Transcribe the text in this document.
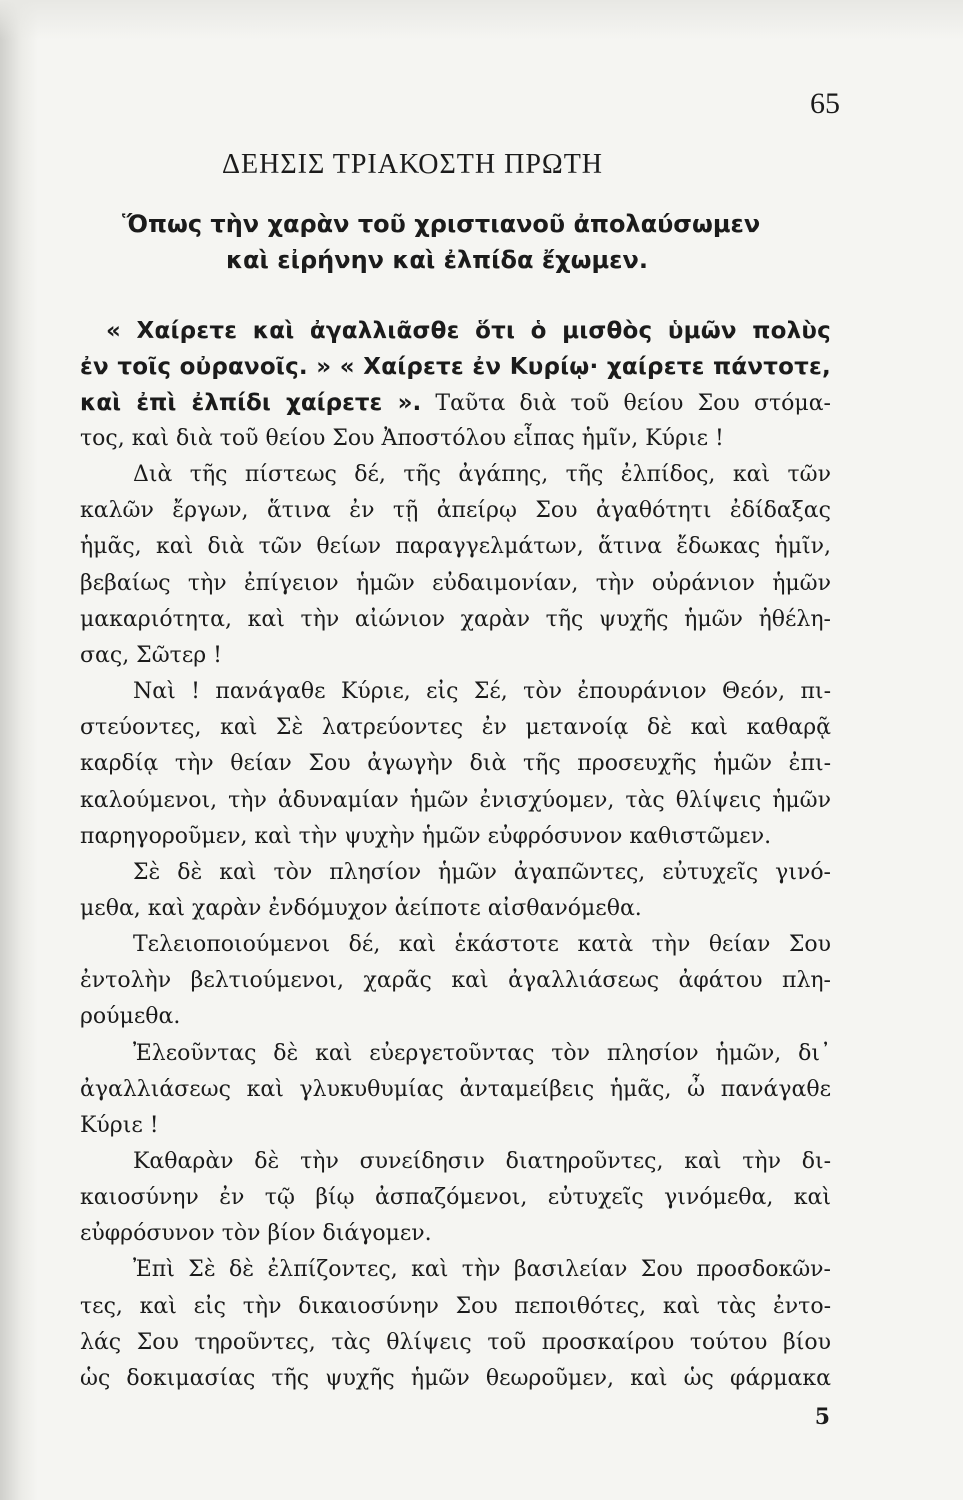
65
ΔΕΗΣΙΣ ΤΡΙΑΚΟΣΤΗ ΠΡΩΤΗ
Ὅπως τὴν χαρὰν τοῦ χριστιανοῦ ἀπολαύσωμεν
καὶ εἰρήνην καὶ ἐλπίδα ἔχωμεν.

« Χαίρετε καὶ ἀγαλλιᾶσθε ὅτι ὁ μισθὸς ὑμῶν πολὺς

ἐν τοῖς οὐρανοῖς. » « Χαίρετε ἐν Κυρίῳ· χαίρετε πάντοτε,

καὶ ἐπὶ ἐλπίδι χαίρετε ». Ταῦτα διὰ τοῦ θείου Σου στόμα-

τος, καὶ διὰ τοῦ θείου Σου Ἀποστόλου εἶπας ἡμῖν, Κύριε !

Διὰ τῆς πίστεως δέ, τῆς ἀγάπης, τῆς ἐλπίδος, καὶ τῶν

καλῶν ἔργων, ἅτινα ἐν τῇ ἀπείρῳ Σου ἀγαθότητι ἐδίδαξας

ἡμᾶς, καὶ διὰ τῶν θείων παραγγελμάτων, ἅτινα ἔδωκας ἡμῖν,

βεβαίως τὴν ἐπίγειον ἡμῶν εὐδαιμονίαν, τὴν οὐράνιον ἡμῶν

μακαριότητα, καὶ τὴν αἰώνιον χαρὰν τῆς ψυχῆς ἡμῶν ἠθέλη-

σας, Σῶτερ !

Ναὶ ! πανάγαθε Κύριε, εἰς Σέ, τὸν ἐπουράνιον Θεόν, πι-

στεύοντες, καὶ Σὲ λατρεύοντες ἐν μετανοίᾳ δὲ καὶ καθαρᾷ

καρδίᾳ τὴν θείαν Σου ἀγωγὴν διὰ τῆς προσευχῆς ἡμῶν ἐπι-

καλούμενοι, τὴν ἀδυναμίαν ἡμῶν ἐνισχύομεν, τὰς θλίψεις ἡμῶν

παρηγοροῦμεν, καὶ τὴν ψυχὴν ἡμῶν εὐφρόσυνον καθιστῶμεν.

Σὲ δὲ καὶ τὸν πλησίον ἡμῶν ἀγαπῶντες, εὐτυχεῖς γινό-

μεθα, καὶ χαρὰν ἐνδόμυχον ἀείποτε αἰσθανόμεθα.

Τελειοποιούμενοι δέ, καὶ ἑκάστοτε κατὰ τὴν θείαν Σου

ἐντολὴν βελτιούμενοι, χαρᾶς καὶ ἀγαλλιάσεως ἀφάτου πλη-

ρούμεθα.

Ἐλεοῦντας δὲ καὶ εὐεργετοῦντας τὸν πλησίον ἡμῶν, δι᾿

ἀγαλλιάσεως καὶ γλυκυθυμίας ἀνταμείβεις ἡμᾶς, ὦ πανάγαθε

Κύριε !

Καθαρὰν δὲ τὴν συνείδησιν διατηροῦντες, καὶ τὴν δι-

καιοσύνην ἐν τῷ βίῳ ἀσπαζόμενοι, εὐτυχεῖς γινόμεθα, καὶ

εὐφρόσυνον τὸν βίον διάγομεν.

Ἐπὶ Σὲ δὲ ἐλπίζοντες, καὶ τὴν βασιλείαν Σου προσδοκῶν-

τες, καὶ εἰς τὴν δικαιοσύνην Σου πεποιθότες, καὶ τὰς ἐντο-

λάς Σου τηροῦντες, τὰς θλίψεις τοῦ προσκαίρου τούτου βίου

ὡς δοκιμασίας τῆς ψυχῆς ἡμῶν θεωροῦμεν, καὶ ὡς φάρμακα

5
